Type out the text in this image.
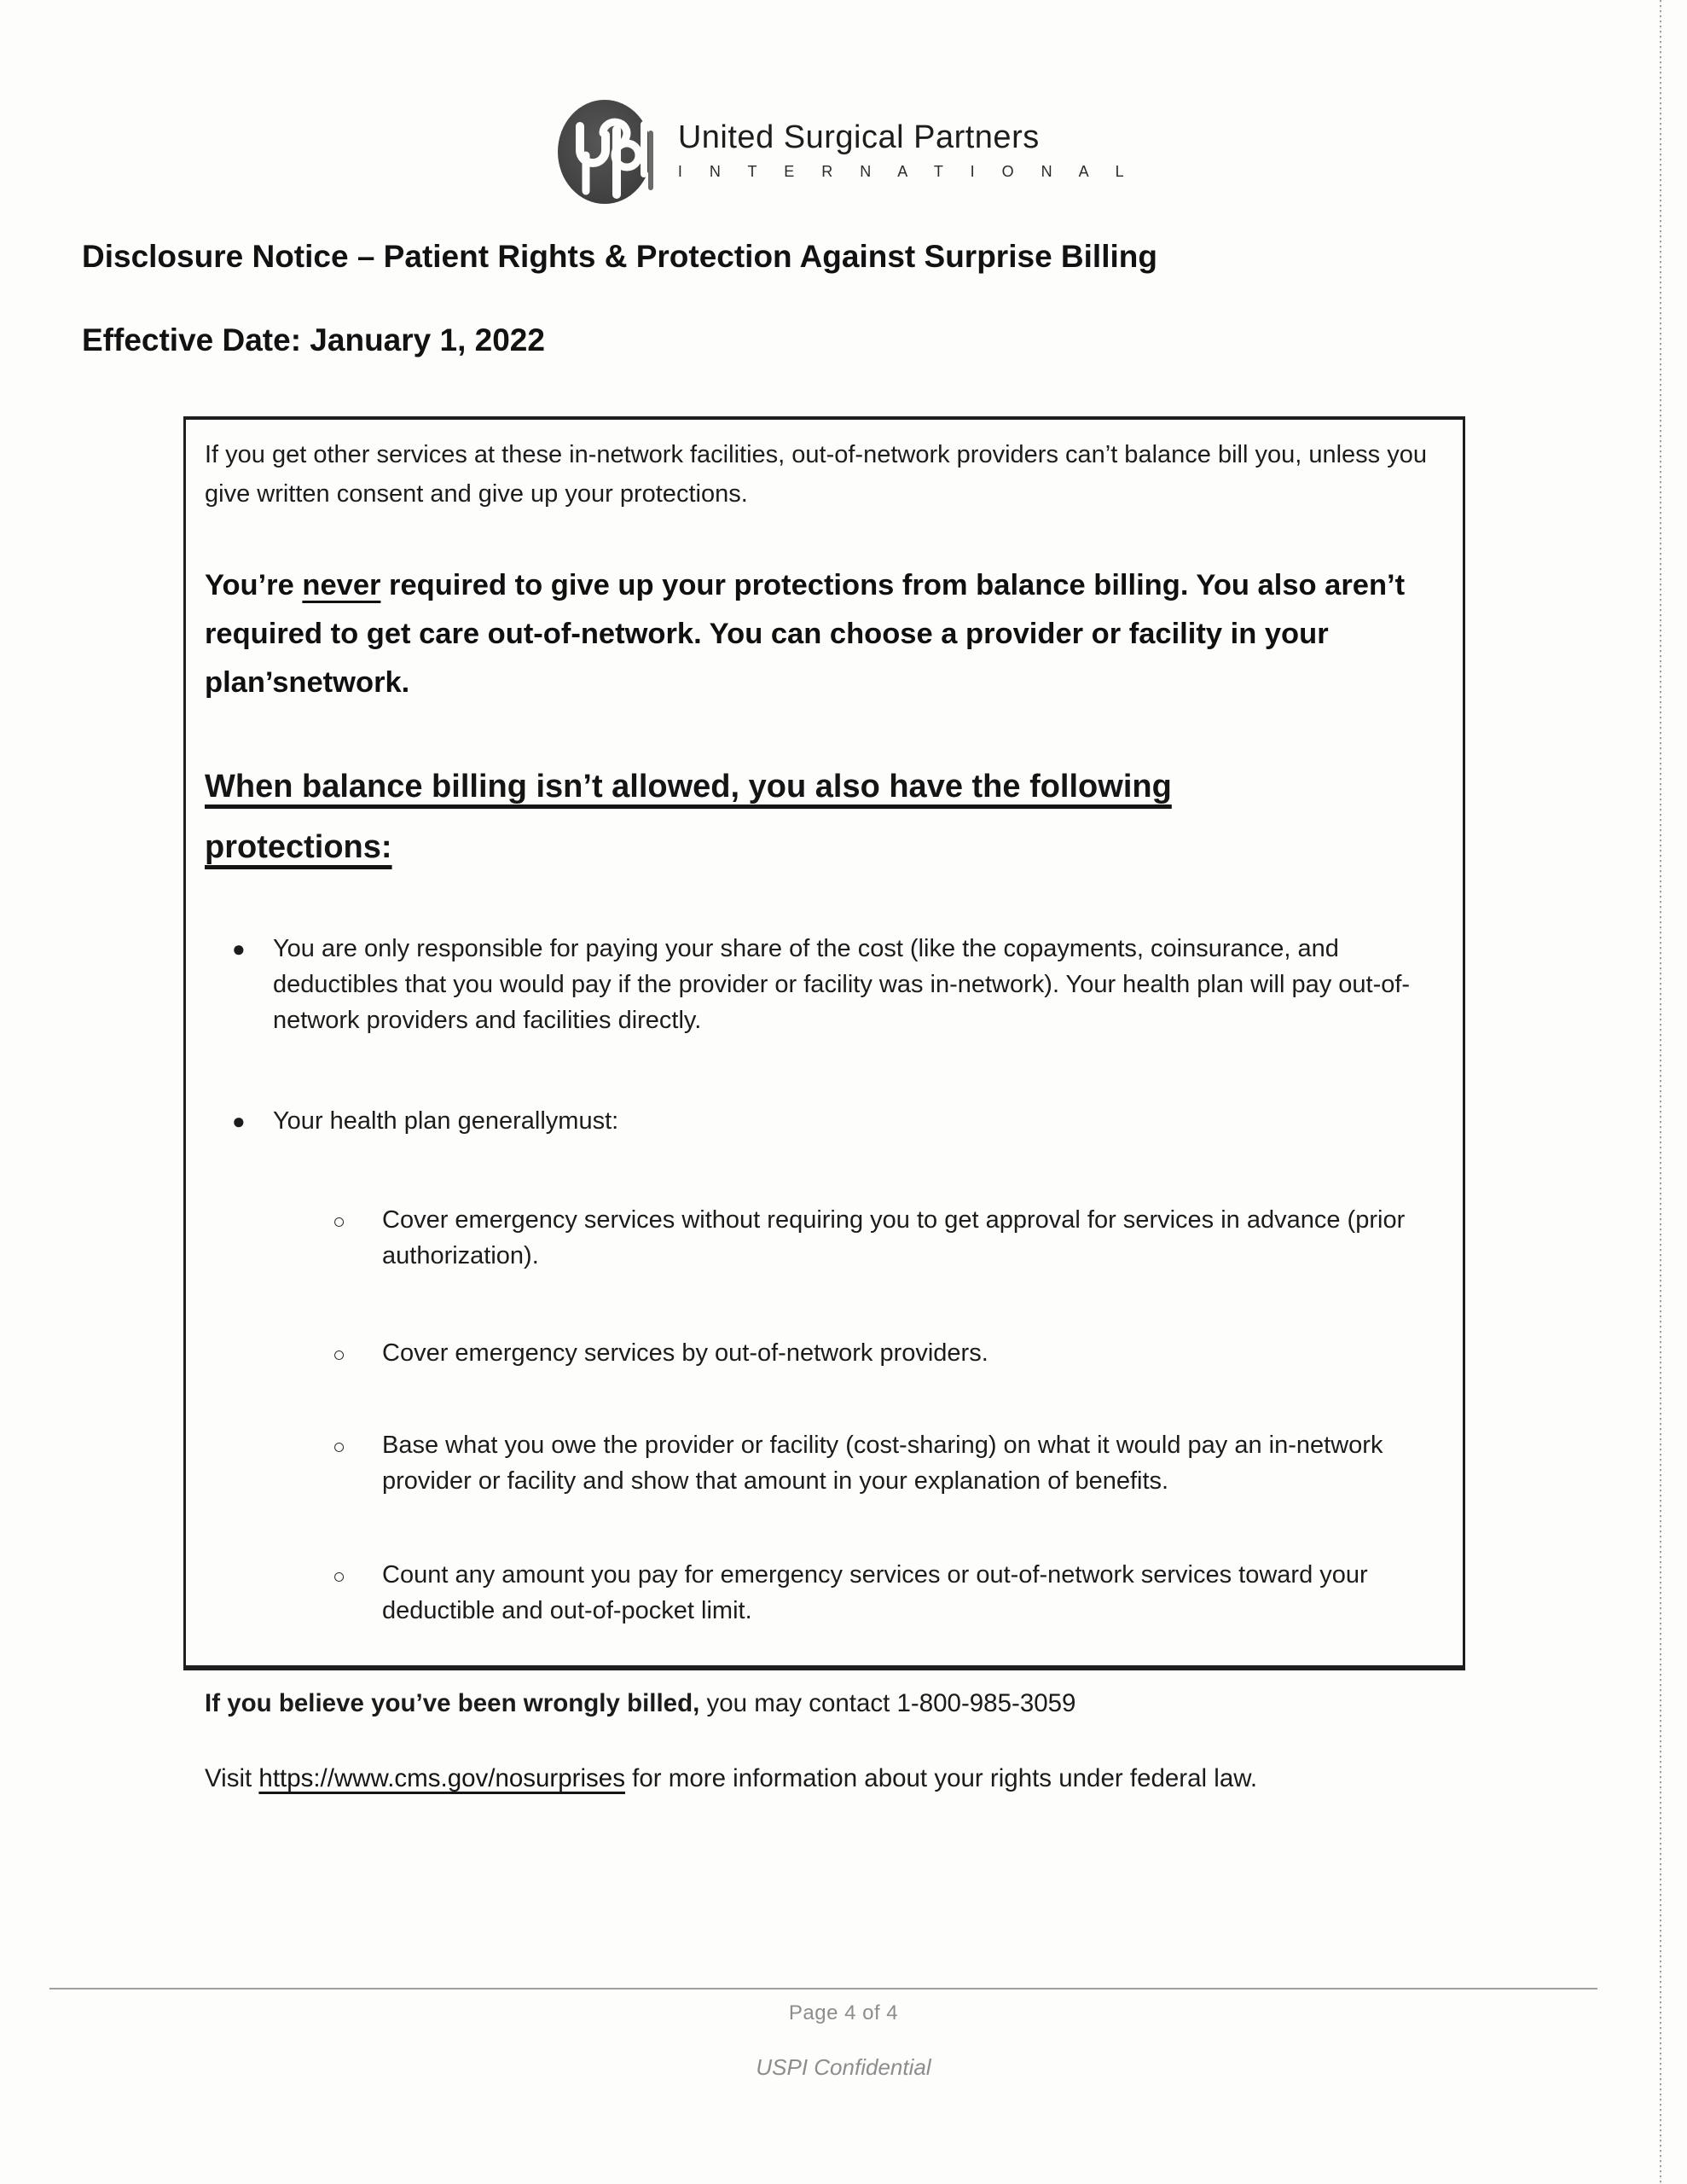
United Surgical Partners
I N T E R N A T I O N A L
Disclosure Notice – Patient Rights & Protection Against Surprise Billing
Effective Date: January 1, 2022

If you get other services at these in-network facilities, out-of-network providers can’t balance bill you, unless you give written consent and give up your protections.

You’re never required to give up your protections from balance billing. You also aren’t required to get care out-of-network. You can choose a provider or facility in your plan’snetwork.

When balance billing isn’t allowed, you also have the following protections:
● You are only responsible for paying your share of the cost (like the copayments, coinsurance, and deductibles that you would pay if the provider or facility was in-network). Your health plan will pay out-of-network providers and facilities directly.
● Your health plan generallymust:
○ Cover emergency services without requiring you to get approval for services in advance (prior authorization).
○ Cover emergency services by out-of-network providers.
○ Base what you owe the provider or facility (cost-sharing) on what it would pay an in-network provider or facility and show that amount in your explanation of benefits.
○ Count any amount you pay for emergency services or out-of-network services toward your deductible and out-of-pocket limit.

If you believe you’ve been wrongly billed, you may contact 1-800-985-3059

Visit https://www.cms.gov/nosurprises for more information about your rights under federal law.

Page 4 of 4
USPI Confidential
